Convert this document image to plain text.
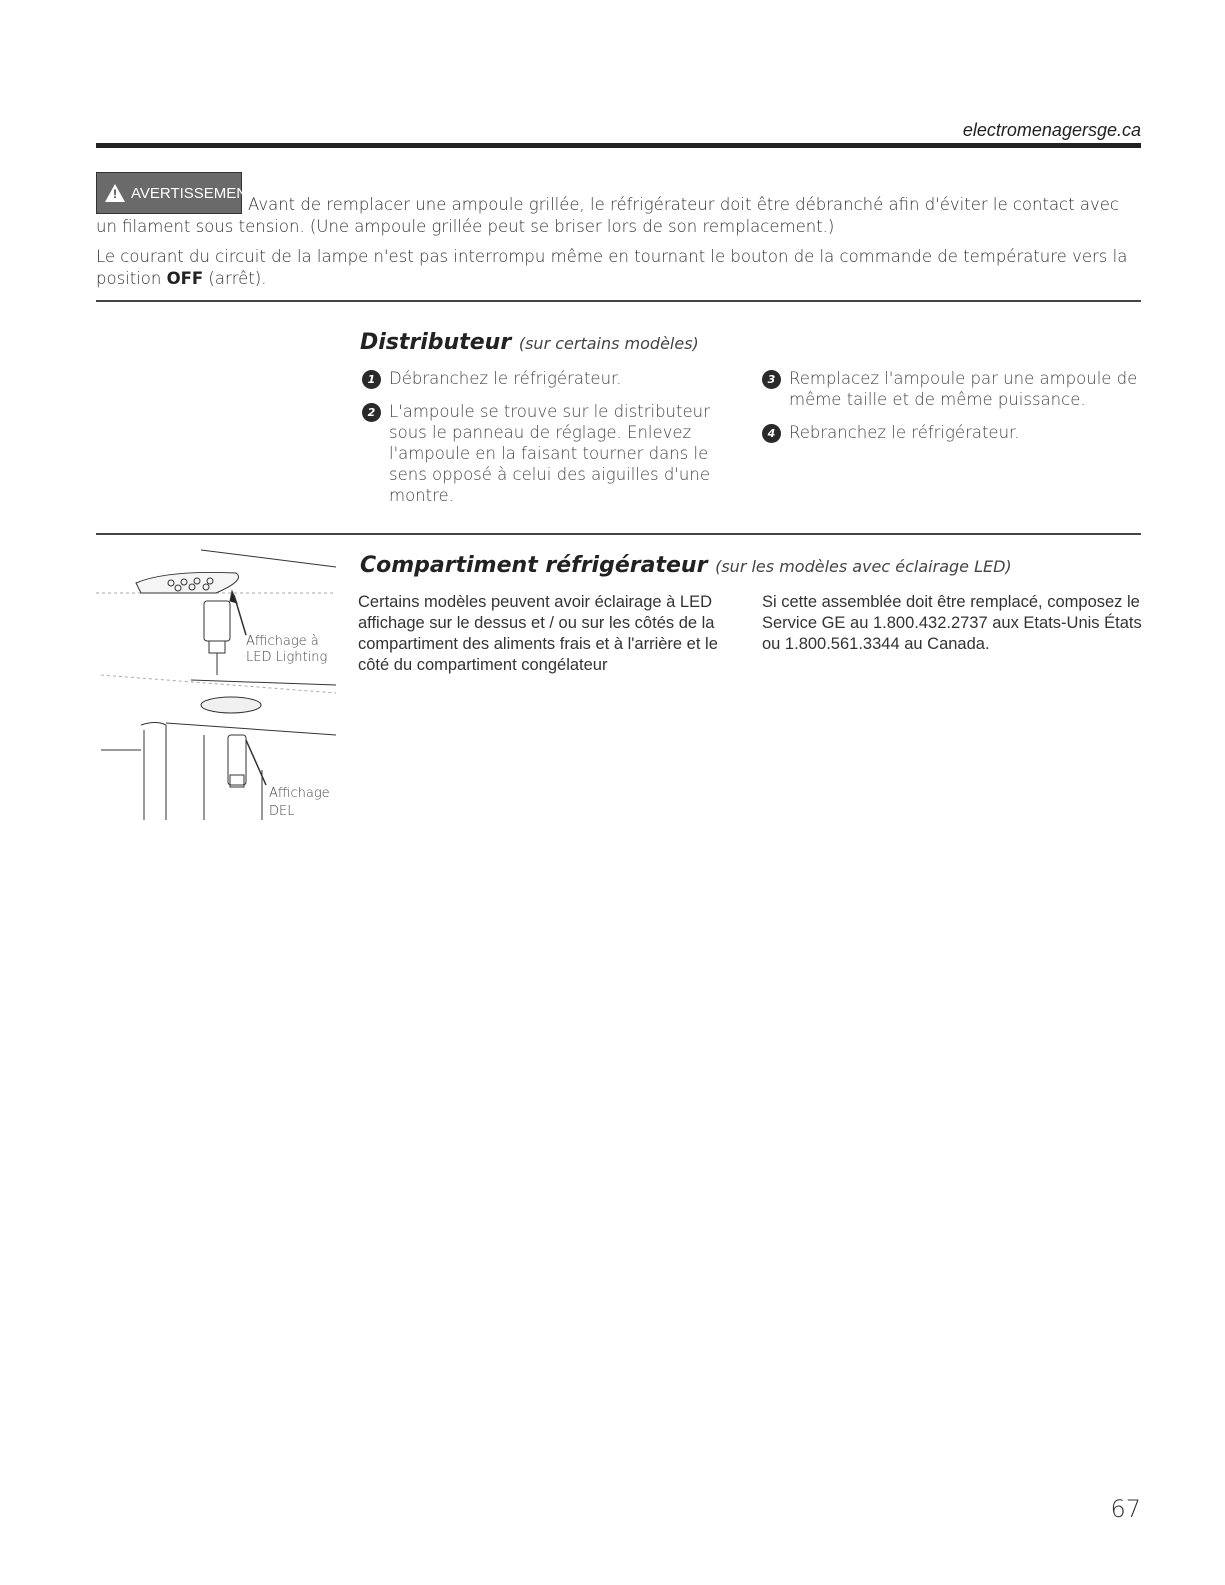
electromenagersge.ca
! AVERTISSEMENT
Avant de remplacer une ampoule grillée, le réfrigérateur doit être débranché afin d'éviter le contact avec un filament sous tension. (Une ampoule grillée peut se briser lors de son remplacement.)
Le courant du circuit de la lampe n'est pas interrompu même en tournant le bouton de la commande de température vers la position OFF (arrêt).
Distributeur (sur certains modèles)
1 Débranchez le réfrigérateur.
2 L'ampoule se trouve sur le distributeur sous le panneau de réglage. Enlevez l'ampoule en la faisant tourner dans le sens opposé à celui des aiguilles d'une montre.
3 Remplacez l'ampoule par une ampoule de même taille et de même puissance.
4 Rebranchez le réfrigérateur.
Compartiment réfrigérateur (sur les modèles avec éclairage LED)
Certains modèles peuvent avoir éclairage à LED affichage sur le dessus et / ou sur les côtés de la compartiment des aliments frais et à l'arrière et le côté du compartiment congélateur
Si cette assemblée doit être remplacé, composez le Service GE au 1.800.432.2737 aux Etats-Unis États ou 1.800.561.3344 au Canada.
Affichage à
LED Lighting
Affichage
DEL
67
